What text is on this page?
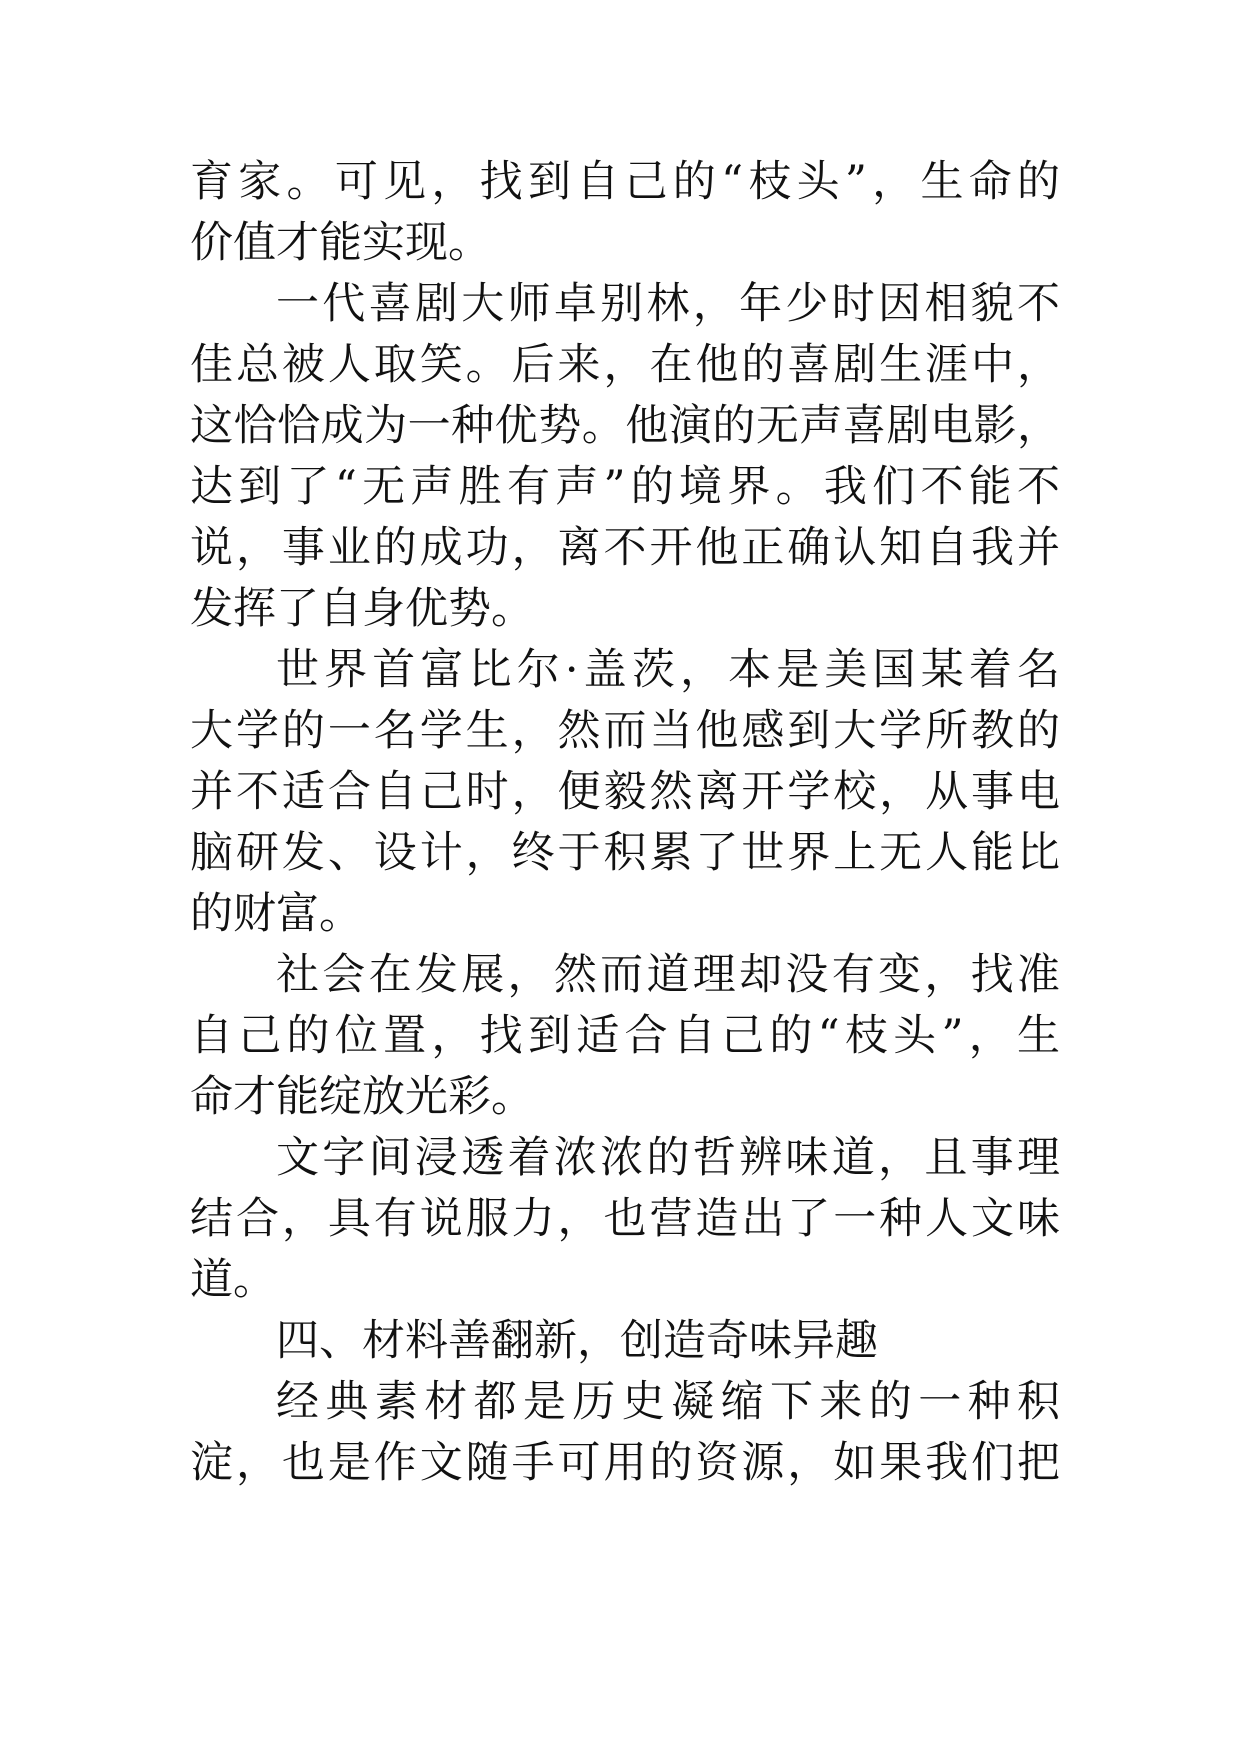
育家。可见，找到自己的“枝头”，生命的
价值才能实现。
一代喜剧大师卓别林，年少时因相貌不
佳总被人取笑。后来，在他的喜剧生涯中，
这恰恰成为一种优势。他演的无声喜剧电影，
达到了“无声胜有声”的境界。我们不能不
说，事业的成功，离不开他正确认知自我并
发挥了自身优势。
世界首富比尔·盖茨，本是美国某着名
大学的一名学生，然而当他感到大学所教的
并不适合自己时，便毅然离开学校，从事电
脑研发、设计，终于积累了世界上无人能比
的财富。
社会在发展，然而道理却没有变，找准
自己的位置，找到适合自己的“枝头”，生
命才能绽放光彩。
文字间浸透着浓浓的哲辨味道，且事理
结合，具有说服力，也营造出了一种人文味
道。
四、材料善翻新，创造奇味异趣
经典素材都是历史凝缩下来的一种积
淀，也是作文随手可用的资源，如果我们把
